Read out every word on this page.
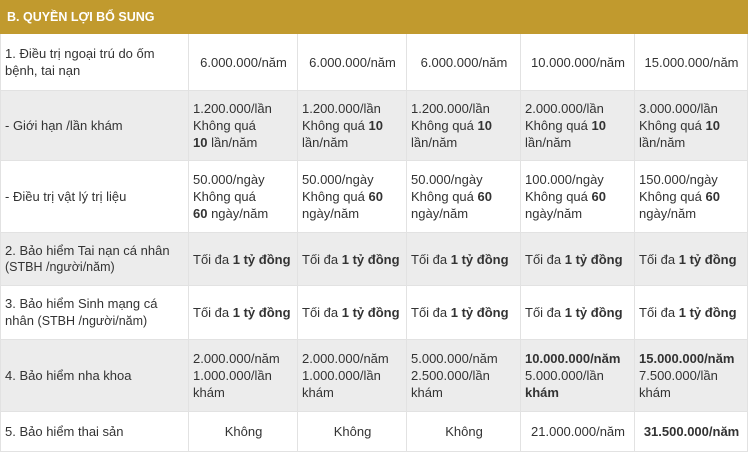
B. QUYỀN LỢI BỔ SUNG					
1. Điều trị ngoại trú do ốm bệnh, tai nạn	6.000.000/năm	6.000.000/năm	6.000.000/năm	10.000.000/năm	15.000.000/năm
- Giới hạn /lần khám	1.200.000/lần
Không quá
10 lần/năm	1.200.000/lần
Không quá 10
lần/năm	1.200.000/lần
Không quá 10
lần/năm	2.000.000/lần
Không quá 10
lần/năm	3.000.000/lần
Không quá 10
lần/năm

- Điều trị vật lý trị liệu	50.000/ngày
Không quá
60 ngày/năm	50.000/ngày
Không quá 60
ngày/năm	50.000/ngày
Không quá 60
ngày/năm	100.000/ngày
Không quá 60
ngày/năm	150.000/ngày
Không quá 60
ngày/năm

2. Bảo hiểm Tai nạn cá nhân
(STBH /người/năm)	Tối đa 1 tỷ đồng	Tối đa 1 tỷ đồng	Tối đa 1 tỷ đồng	Tối đa 1 tỷ đồng	Tối đa 1 tỷ đồng
3. Bảo hiểm Sinh mạng cá nhân (STBH /người/năm)	Tối đa 1 tỷ đồng	Tối đa 1 tỷ đồng	Tối đa 1 tỷ đồng	Tối đa 1 tỷ đồng	Tối đa 1 tỷ đồng
4. Bảo hiểm nha khoa	2.000.000/năm
1.000.000/lần
khám	2.000.000/năm
1.000.000/lần
khám	5.000.000/năm
2.500.000/lần
khám	10.000.000/năm
5.000.000/lần
khám	15.000.000/năm
7.500.000/lần
khám

5. Bảo hiểm thai sản	Không	Không	Không	21.000.000/năm	31.500.000/năm
